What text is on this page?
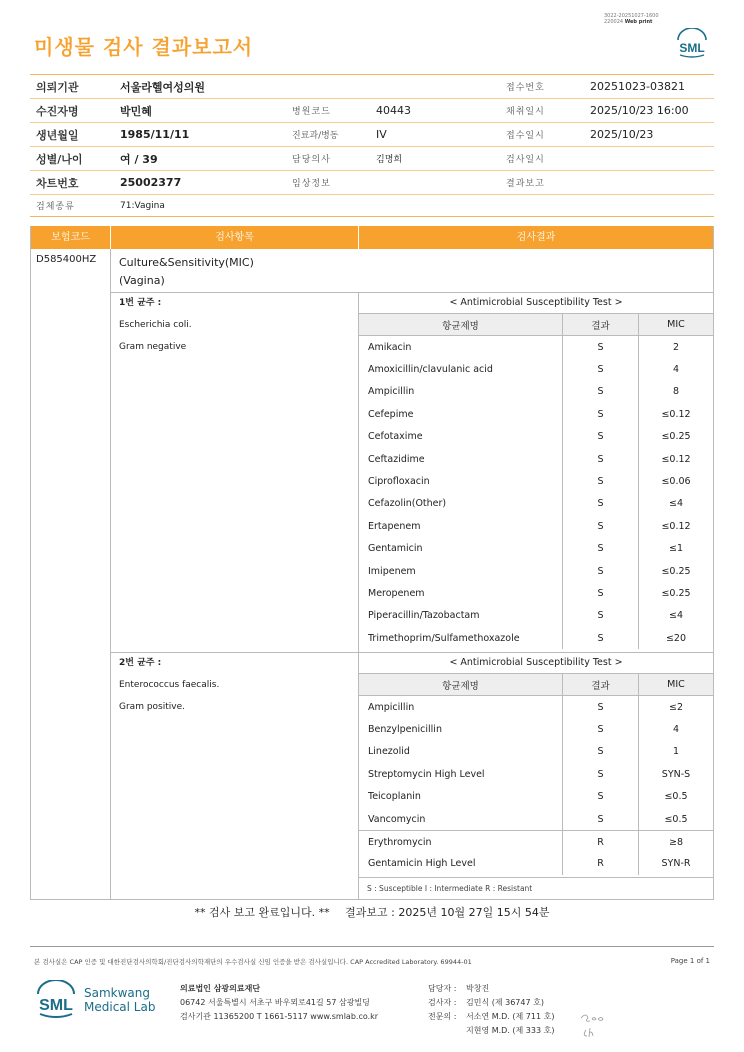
3022-20251027-1600
220024 Web print
미생물 검사 결과보고서	SML
의뢰기관	서울라헬여성의원	접수번호	20251023-03821
수진자명	박민혜	병원코드	40443	채취일시	2025/10/23 16:00
생년월일	1985/11/11	진료과/병동	IV	접수일시	2025/10/23
성별/나이	여 / 39	담당의사	김명희	검사일시
차트번호	25002377	임상정보	결과보고
검체종류	71:Vagina
보험코드	검사항목	검사결과
D585400HZ Culture&Sensitivity(MIC)
(Vagina)
1번 균주 :
Escherichia coli.
Gram negative
< Antimicrobial Susceptibility Test >
항균제명	결과	MIC
Amikacin	S	2
Amoxicillin/clavulanic acid	S	4
Ampicillin	S	8
Cefepime	S	≤0.12
Cefotaxime	S	≤0.25
Ceftazidime	S	≤0.12
Ciprofloxacin	S	≤0.06
Cefazolin(Other)	S	≤4
Ertapenem	S	≤0.12
Gentamicin	S	≤1
Imipenem	S	≤0.25
Meropenem	S	≤0.25
Piperacillin/Tazobactam	S	≤4
Trimethoprim/Sulfamethoxazole	S	≤20
2번 균주 :
Enterococcus faecalis.
Gram positive.
< Antimicrobial Susceptibility Test >
항균제명	결과	MIC
Ampicillin	S	≤2
Benzylpenicillin	S	4
Linezolid	S	1
Streptomycin High Level	S	SYN-S
Teicoplanin	S	≤0.5
Vancomycin	S	≤0.5
Erythromycin	R	≥8
Gentamicin High Level	R	SYN-R
S : Susceptible I : Intermediate R : Resistant
** 검사 보고 완료입니다. ** 결과보고 : 2025년 10월 27일 15시 54분
본 검사실은 CAP 인증 및 대한진단검사의학회/진단검사의학재단의 우수검사실 신임 인증을 받은 검사실입니다. CAP Accredited Laboratory. 69944-01	Page 1 of 1
SML
Samkwang
Medical Lab
의료법인 삼광의료재단
06742 서울특별시 서초구 바우뫼로41길 57 삼광빌딩
검사기관 11365200 T 1661-5117 www.smlab.co.kr
담당자 :	박창진
검사자 :	김민식 (제 36747 호)
전문의 :	서소연 M.D. (제 711 호)
지현영 M.D. (제 333 호)
